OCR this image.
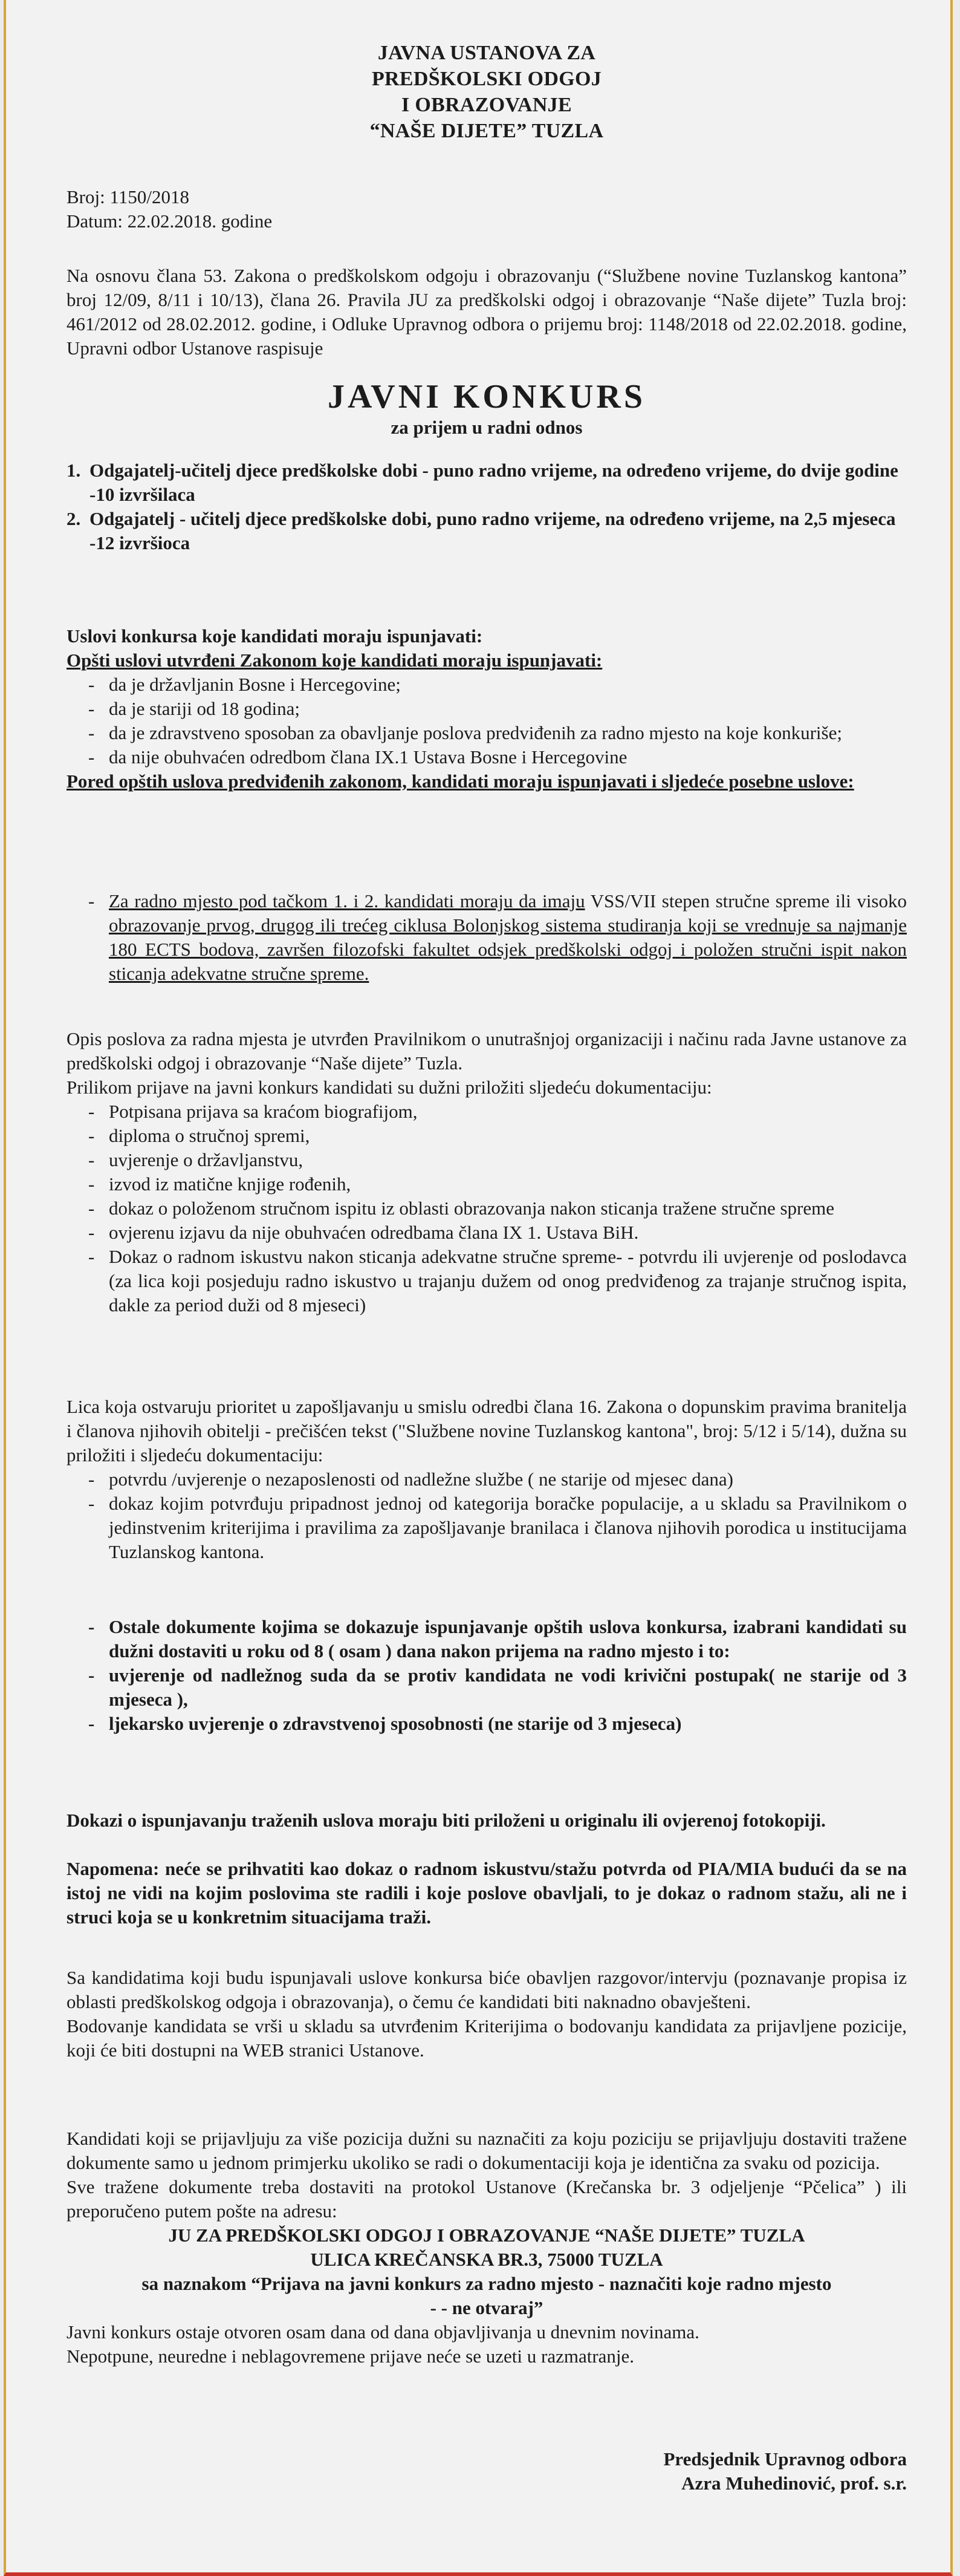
JAVNA USTANOVA ZA
PREDŠKOLSKI ODGOJ
I OBRAZOVANJE
“NAŠE DIJETE” TUZLA
Broj: 1150/2018
Datum: 22.02.2018. godine
Na osnovu člana 53. Zakona o predškolskom odgoju i obrazovanju (“Službene novine Tuzlanskog kantona” broj 12/09, 8/11 i 10/13), člana 26. Pravila JU za predškolski odgoj i obrazovanje “Naše dijete” Tuzla broj: 461/2012 od 28.02.2012. godine, i Odluke Upravnog odbora o prijemu broj: 1148/2018 od 22.02.2018. godine, Upravni odbor Ustanove raspisuje
JAVNI KONKURS
za prijem u radni odnos
1. Odgajatelj-učitelj djece predškolske dobi - puno radno vrijeme, na određeno vrijeme, do dvije godine -10 izvršilaca
2. Odgajatelj - učitelj djece predškolske dobi, puno radno vrijeme, na određeno vrijeme, na 2,5 mjeseca -12 izvršioca
Uslovi konkursa koje kandidati moraju ispunjavati:
Opšti uslovi utvrđeni Zakonom koje kandidati moraju ispunjavati:
- da je državljanin Bosne i Hercegovine;
- da je stariji od 18 godina;
- da je zdravstveno sposoban za obavljanje poslova predviđenih za radno mjesto na koje konkuriše;
- da nije obuhvaćen odredbom člana IX.1 Ustava Bosne i Hercegovine
Pored opštih uslova predviđenih zakonom, kandidati moraju ispunjavati i sljedeće posebne uslove:
- Za radno mjesto pod tačkom 1. i 2. kandidati moraju da imaju VSS/VII stepen stručne spreme ili visoko obrazovanje prvog, drugog ili trećeg ciklusa Bolonjskog sistema studiranja koji se vrednuje sa najmanje 180 ECTS bodova, završen filozofski fakultet odsjek predškolski odgoj i položen stručni ispit nakon sticanja adekvatne stručne spreme.
Opis poslova za radna mjesta je utvrđen Pravilnikom o unutrašnjoj organizaciji i načinu rada Javne ustanove za predškolski odgoj i obrazovanje “Naše dijete” Tuzla.
Prilikom prijave na javni konkurs kandidati su dužni priložiti sljedeću dokumentaciju:
- Potpisana prijava sa kraćom biografijom,
- diploma o stručnoj spremi,
- uvjerenje o državljanstvu,
- izvod iz matične knjige rođenih,
- dokaz o položenom stručnom ispitu iz oblasti obrazovanja nakon sticanja tražene stručne spreme
- ovjerenu izjavu da nije obuhvaćen odredbama člana IX 1. Ustava BiH.
- Dokaz o radnom iskustvu nakon sticanja adekvatne stručne spreme- - potvrdu ili uvjerenje od poslodavca (za lica koji posjeduju radno iskustvo u trajanju dužem od onog predviđenog za trajanje stručnog ispita, dakle za period duži od 8 mjeseci)
Lica koja ostvaruju prioritet u zapošljavanju u smislu odredbi člana 16. Zakona o dopunskim pravima branitelja i članova njihovih obitelji - prečišćen tekst ("Službene novine Tuzlanskog kantona", broj: 5/12 i 5/14), dužna su priložiti i sljedeću dokumentaciju:
- potvrdu /uvjerenje o nezaposlenosti od nadležne službe ( ne starije od mjesec dana)
- dokaz kojim potvrđuju pripadnost jednoj od kategorija boračke populacije, a u skladu sa Pravilnikom o jedinstvenim kriterijima i pravilima za zapošljavanje branilaca i članova njihovih porodica u institucijama Tuzlanskog kantona.
- Ostale dokumente kojima se dokazuje ispunjavanje opštih uslova konkursa, izabrani kandidati su dužni dostaviti u roku od 8 ( osam ) dana nakon prijema na radno mjesto i to:
- uvjerenje od nadležnog suda da se protiv kandidata ne vodi krivični postupak( ne starije od 3 mjeseca ),
- ljekarsko uvjerenje o zdravstvenoj sposobnosti (ne starije od 3 mjeseca)
Dokazi o ispunjavanju traženih uslova moraju biti priloženi u originalu ili ovjerenoj fotokopiji.
Napomena: neće se prihvatiti kao dokaz o radnom iskustvu/stažu potvrda od PIA/MIA budući da se na istoj ne vidi na kojim poslovima ste radili i koje poslove obavljali, to je dokaz o radnom stažu, ali ne i struci koja se u konkretnim situacijama traži.
Sa kandidatima koji budu ispunjavali uslove konkursa biće obavljen razgovor/intervju (poznavanje propisa iz oblasti predškolskog odgoja i obrazovanja), o čemu će kandidati biti naknadno obavješteni.
Bodovanje kandidata se vrši u skladu sa utvrđenim Kriterijima o bodovanju kandidata za prijavljene pozicije, koji će biti dostupni na WEB stranici Ustanove.
Kandidati koji se prijavljuju za više pozicija dužni su naznačiti za koju poziciju se prijavljuju dostaviti tražene dokumente samo u jednom primjerku ukoliko se radi o dokumentaciji koja je identična za svaku od pozicija.
Sve tražene dokumente treba dostaviti na protokol Ustanove (Krečanska br. 3 odjeljenje “Pčelica” ) ili preporučeno putem pošte na adresu:
JU ZA PREDŠKOLSKI ODGOJ I OBRAZOVANJE “NAŠE DIJETE” TUZLA
ULICA KREČANSKA BR.3, 75000 TUZLA
sa naznakom “Prijava na javni konkurs za radno mjesto - naznačiti koje radno mjesto
- - ne otvaraj”
Javni konkurs ostaje otvoren osam dana od dana objavljivanja u dnevnim novinama.
Nepotpune, neuredne i neblagovremene prijave neće se uzeti u razmatranje.
Predsjednik Upravnog odbora
Azra Muhedinović, prof. s.r.
